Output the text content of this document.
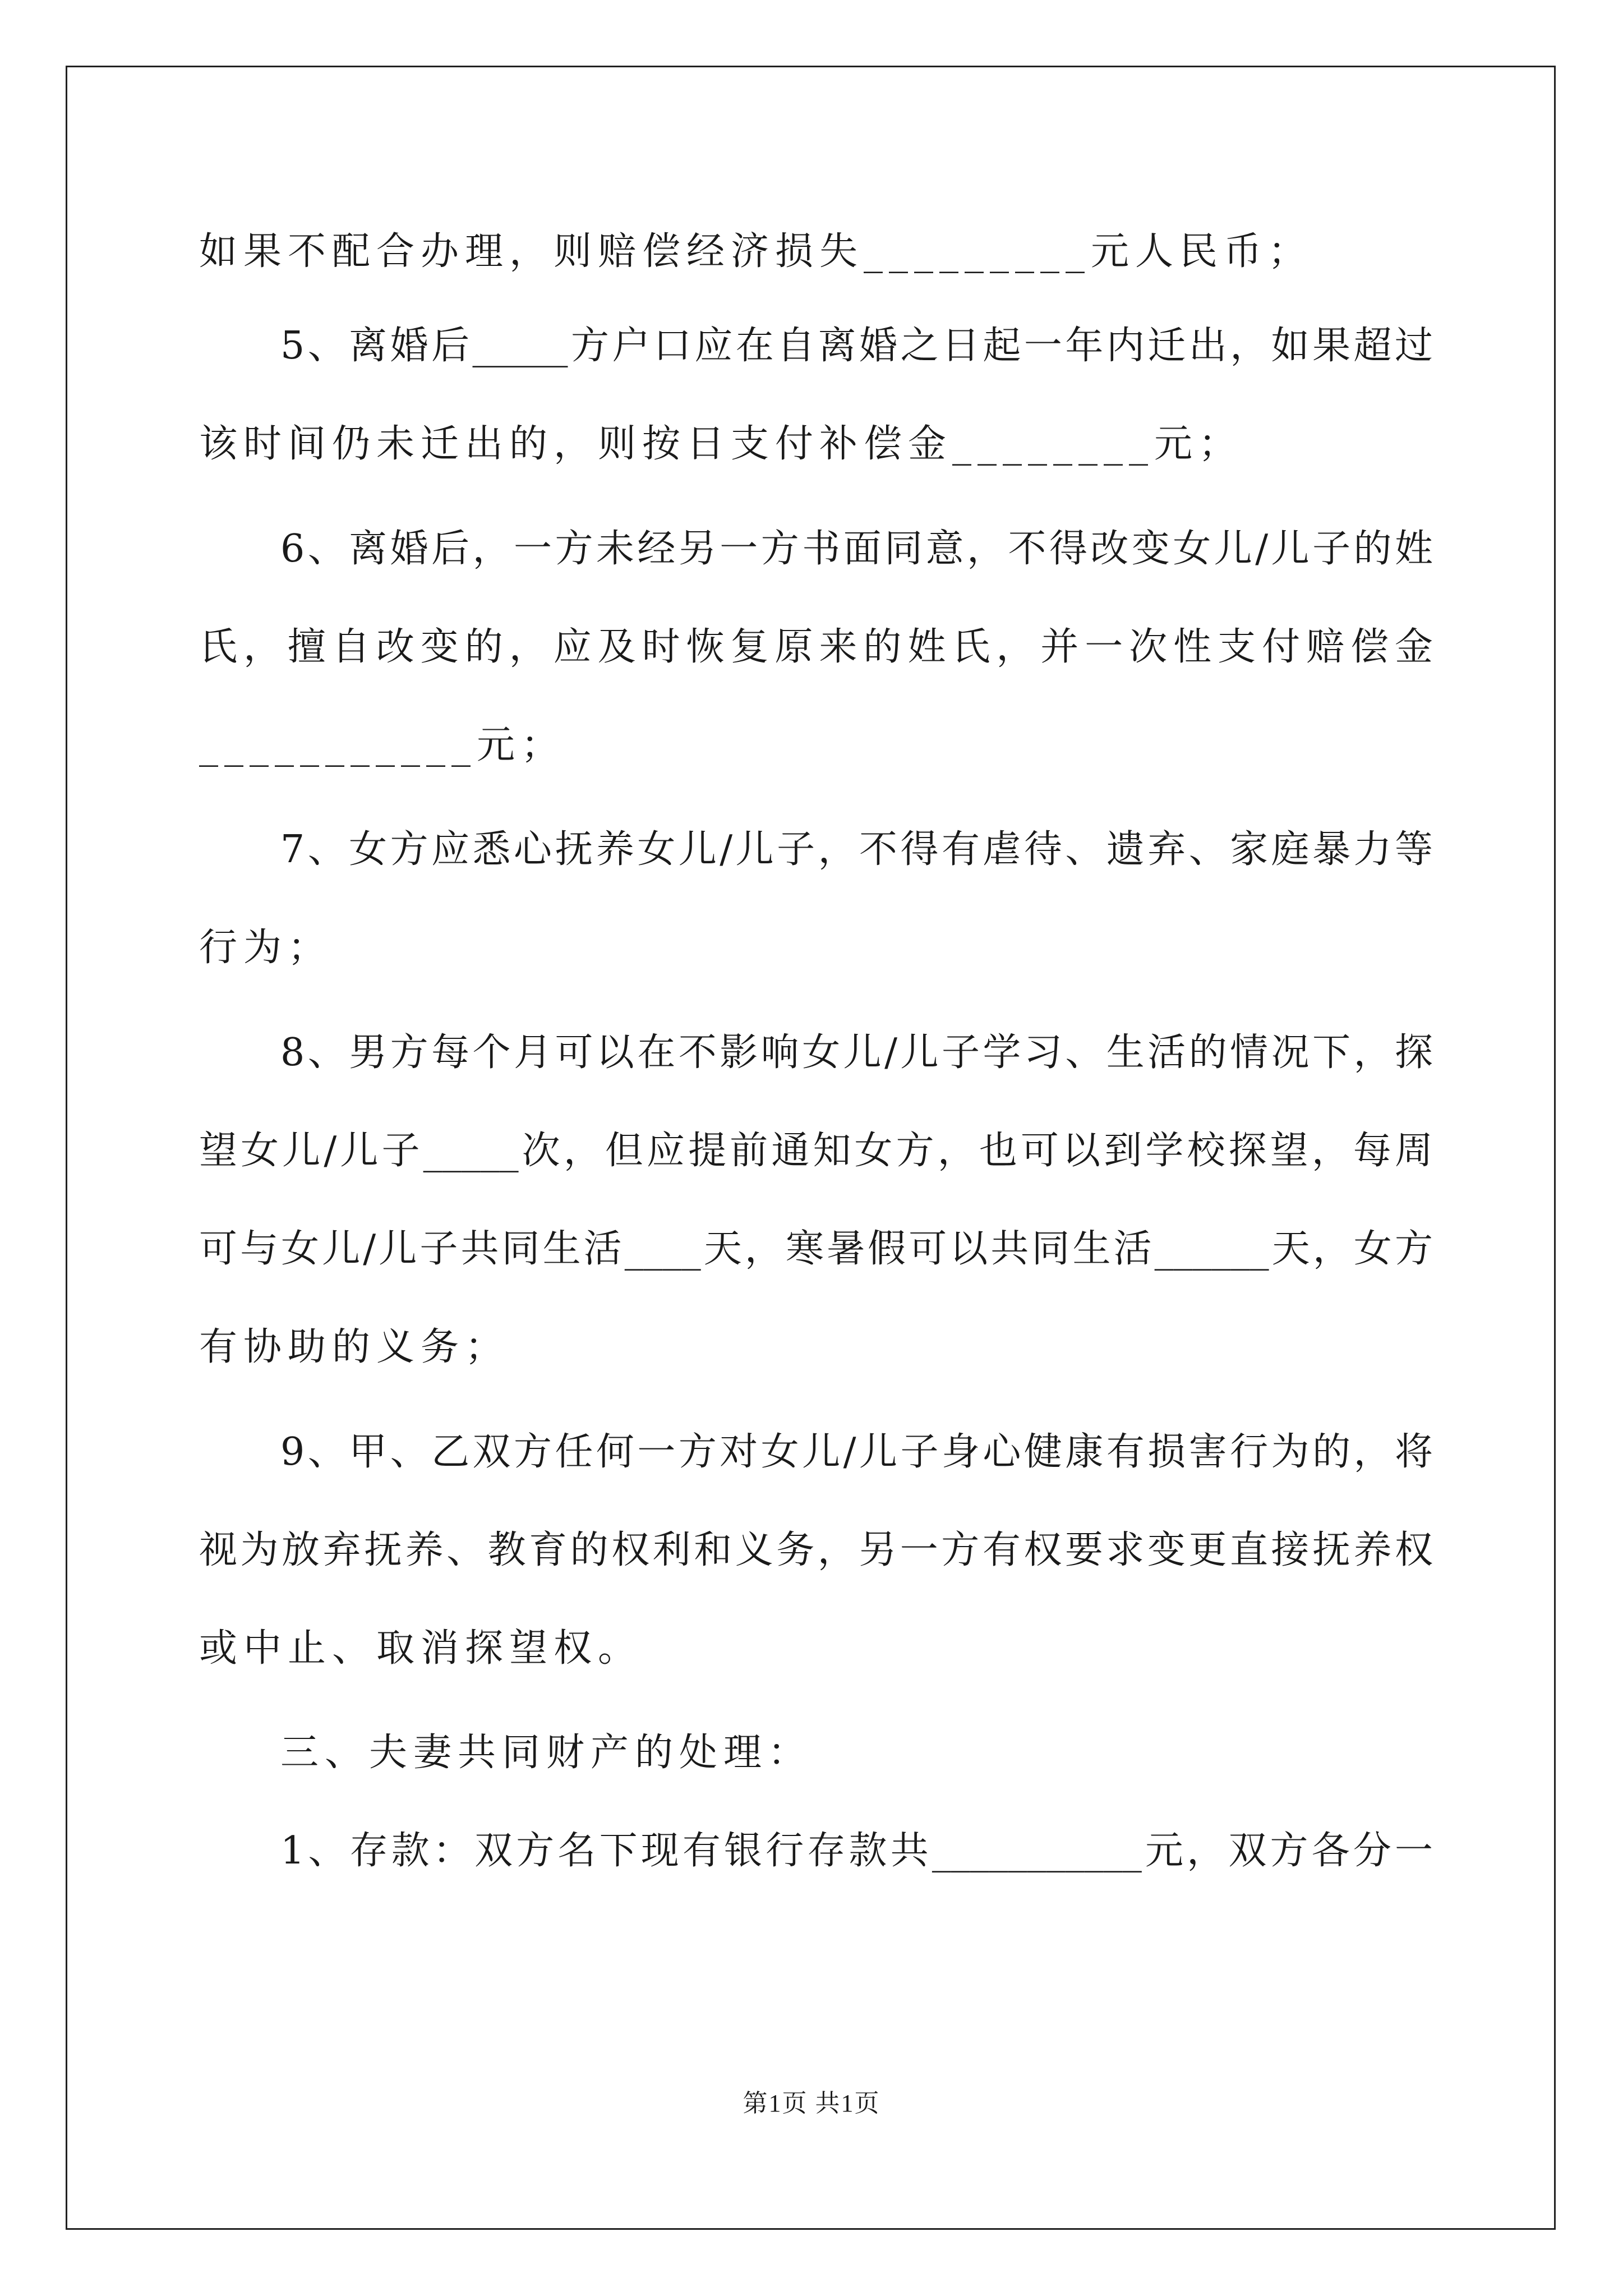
如果不配合办理，则赔偿经济损失_________元人民币；
5、离婚后_____方户口应在自离婚之日起一年内迁出，如果超过
该时间仍未迁出的，则按日支付补偿金________元；
6、离婚后，一方未经另一方书面同意，不得改变女儿/儿子的姓
氏，擅自改变的，应及时恢复原来的姓氏，并一次性支付赔偿金
___________元；
7、女方应悉心抚养女儿/儿子，不得有虐待、遗弃、家庭暴力等
行为；
8、男方每个月可以在不影响女儿/儿子学习、生活的情况下，探
望女儿/儿子_____次，但应提前通知女方，也可以到学校探望，每周
可与女儿/儿子共同生活____天，寒暑假可以共同生活______天，女方
有协助的义务；
9、甲、乙双方任何一方对女儿/儿子身心健康有损害行为的，将
视为放弃抚养、教育的权利和义务，另一方有权要求变更直接抚养权
或中止、取消探望权。
三、夫妻共同财产的处理：
1、存款：双方名下现有银行存款共___________元，双方各分一
第1页 共1页
